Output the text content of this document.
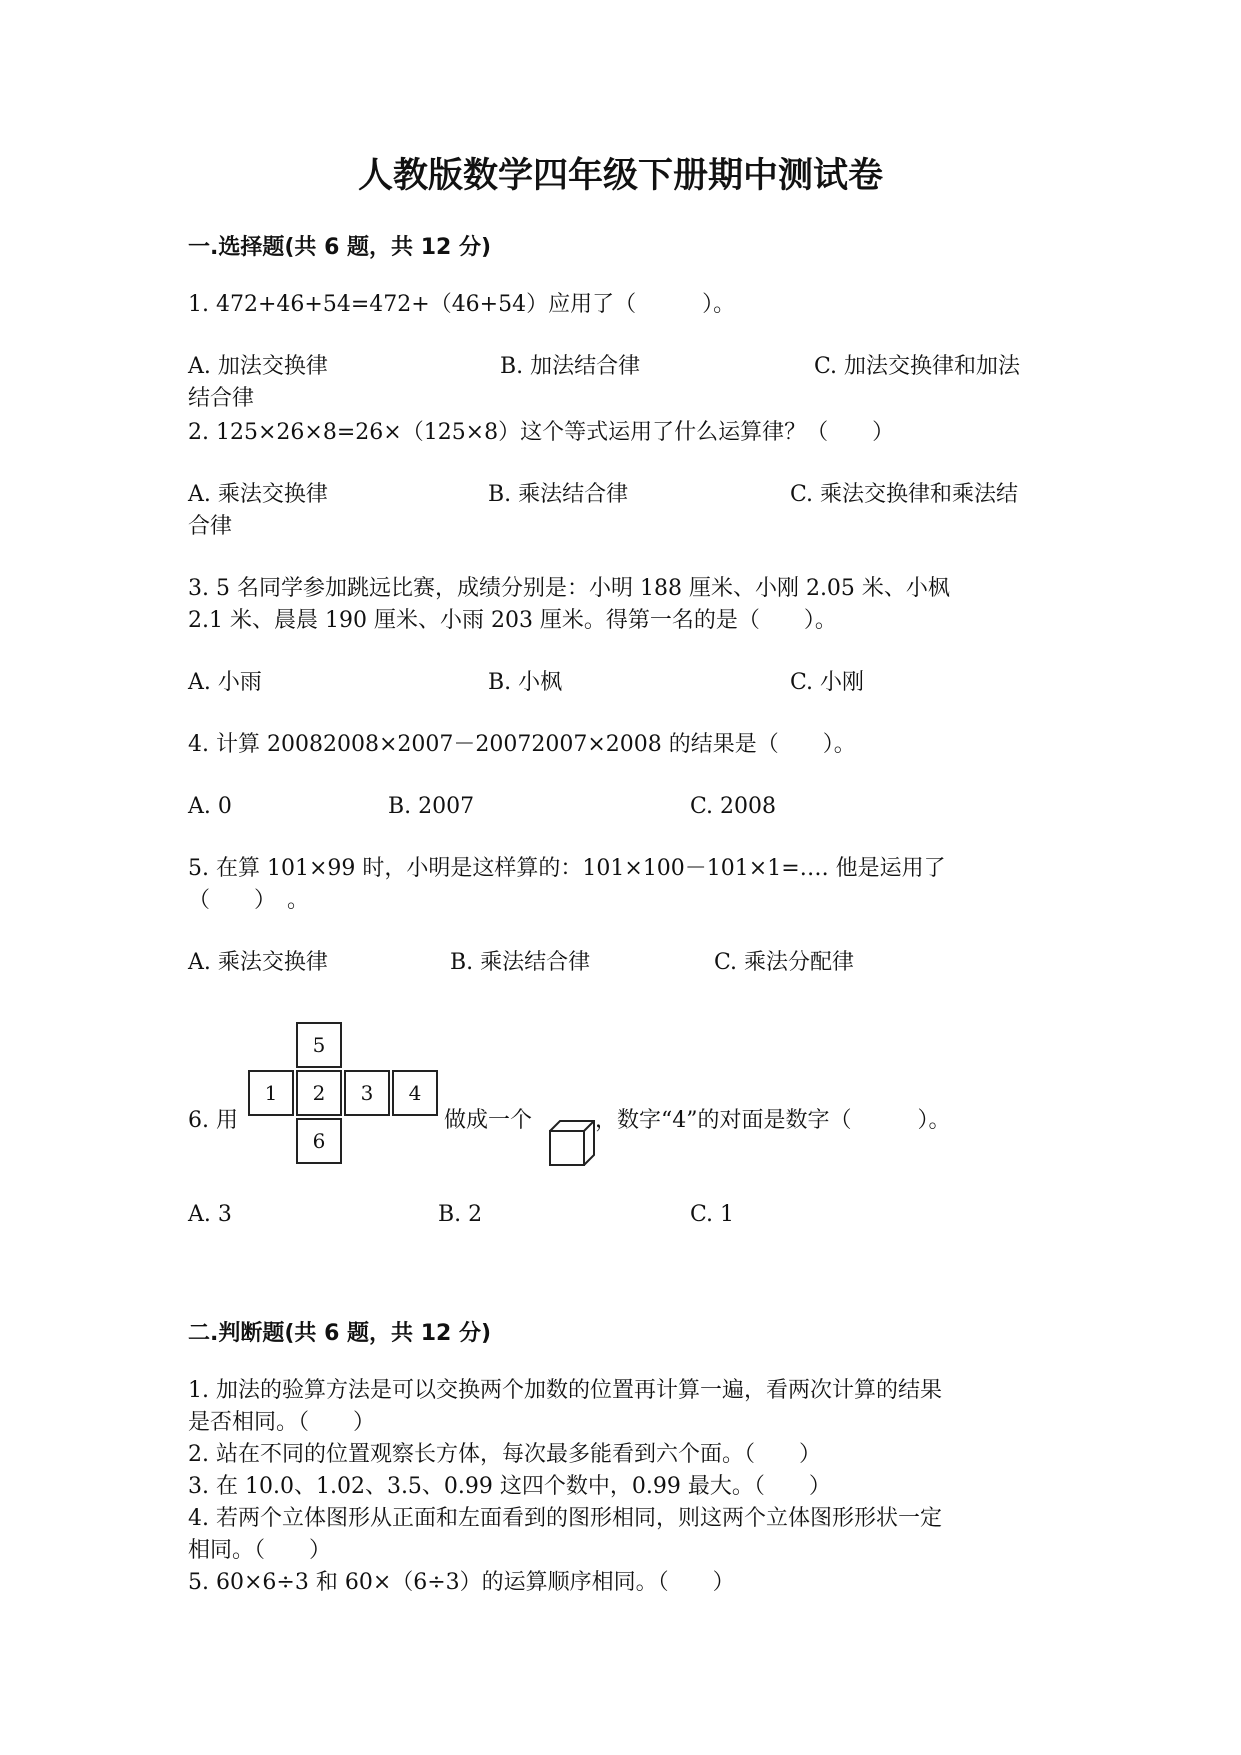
人教版数学四年级下册期中测试卷
一.选择题(共 6 题，共 12 分)
1. 472+46+54=472+（46+54）应用了（　　　）。
A. 加法交换律	B. 加法结合律	C. 加法交换律和加法
结合律
2. 125×26×8=26×（125×8）这个等式运用了什么运算律？（　　）
A. 乘法交换律	B. 乘法结合律	C. 乘法交换律和乘法结
合律
3. 5 名同学参加跳远比赛，成绩分别是：小明 188 厘米、小刚 2.05 米、小枫
2.1 米、晨晨 190 厘米、小雨 203 厘米。得第一名的是（　　）。
A. 小雨	B. 小枫	C. 小刚
4. 计算 20082008×2007－20072007×2008 的结果是（　　）。
A. 0	B. 2007	C. 2008
5. 在算 101×99 时，小明是这样算的：101×100－101×1=…. 他是运用了
（　　）　。
A. 乘法交换律	B. 乘法结合律	C. 乘法分配律
6. 用
5
1	2	3	4
6
做成一个	，数字“4”的对面是数字（　　　）。
A. 3	B. 2	C. 1
二.判断题(共 6 题，共 12 分)
1. 加法的验算方法是可以交换两个加数的位置再计算一遍，看两次计算的结果
是否相同。（　　）
2. 站在不同的位置观察长方体，每次最多能看到六个面。（　　）
3. 在 10.0、1.02、3.5、0.99 这四个数中，0.99 最大。（　　）
4. 若两个立体图形从正面和左面看到的图形相同，则这两个立体图形形状一定
相同。（　　）
5. 60×6÷3 和 60×（6÷3）的运算顺序相同。（　　）
